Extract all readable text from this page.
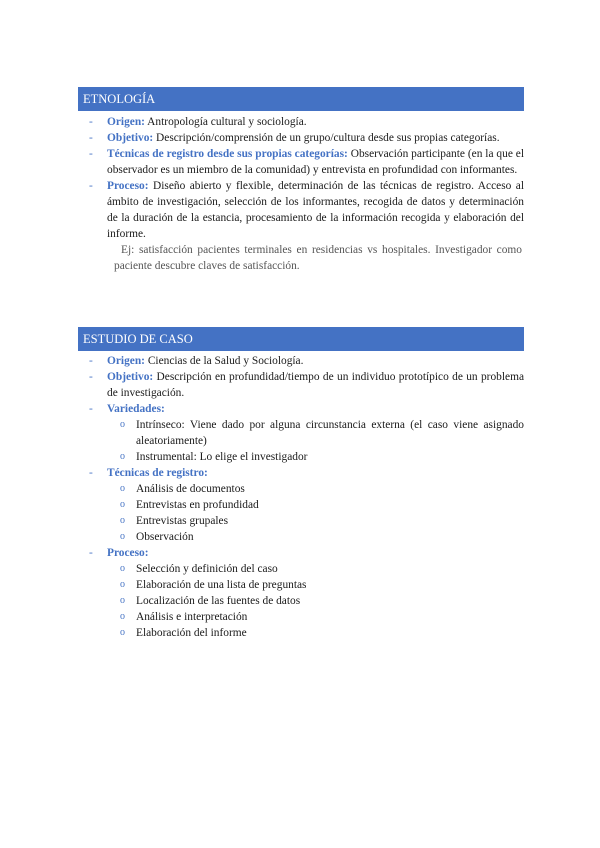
ETNOLOGÍA
- Origen: Antropología cultural y sociología.
- Objetivo: Descripción/comprensión de un grupo/cultura desde sus propias categorías.
- Técnicas de registro desde sus propias categorías: Observación participante (en la que el observador es un miembro de la comunidad) y entrevista en profundidad con informantes.
- Proceso: Diseño abierto y flexible, determinación de las técnicas de registro. Acceso al ámbito de investigación, selección de los informantes, recogida de datos y determinación de la duración de la estancia, procesamiento de la información recogida y elaboración del informe.
Ej: satisfacción pacientes terminales en residencias vs hospitales. Investigador como paciente descubre claves de satisfacción.
ESTUDIO DE CASO
- Origen: Ciencias de la Salud y Sociología.
- Objetivo: Descripción en profundidad/tiempo de un individuo prototípico de un problema de investigación.
- Variedades:
o Intrínseco: Viene dado por alguna circunstancia externa (el caso viene asignado aleatoriamente)
o Instrumental: Lo elige el investigador
- Técnicas de registro:
o Análisis de documentos
o Entrevistas en profundidad
o Entrevistas grupales
o Observación
- Proceso:
o Selección y definición del caso
o Elaboración de una lista de preguntas
o Localización de las fuentes de datos
o Análisis e interpretación
o Elaboración del informe
